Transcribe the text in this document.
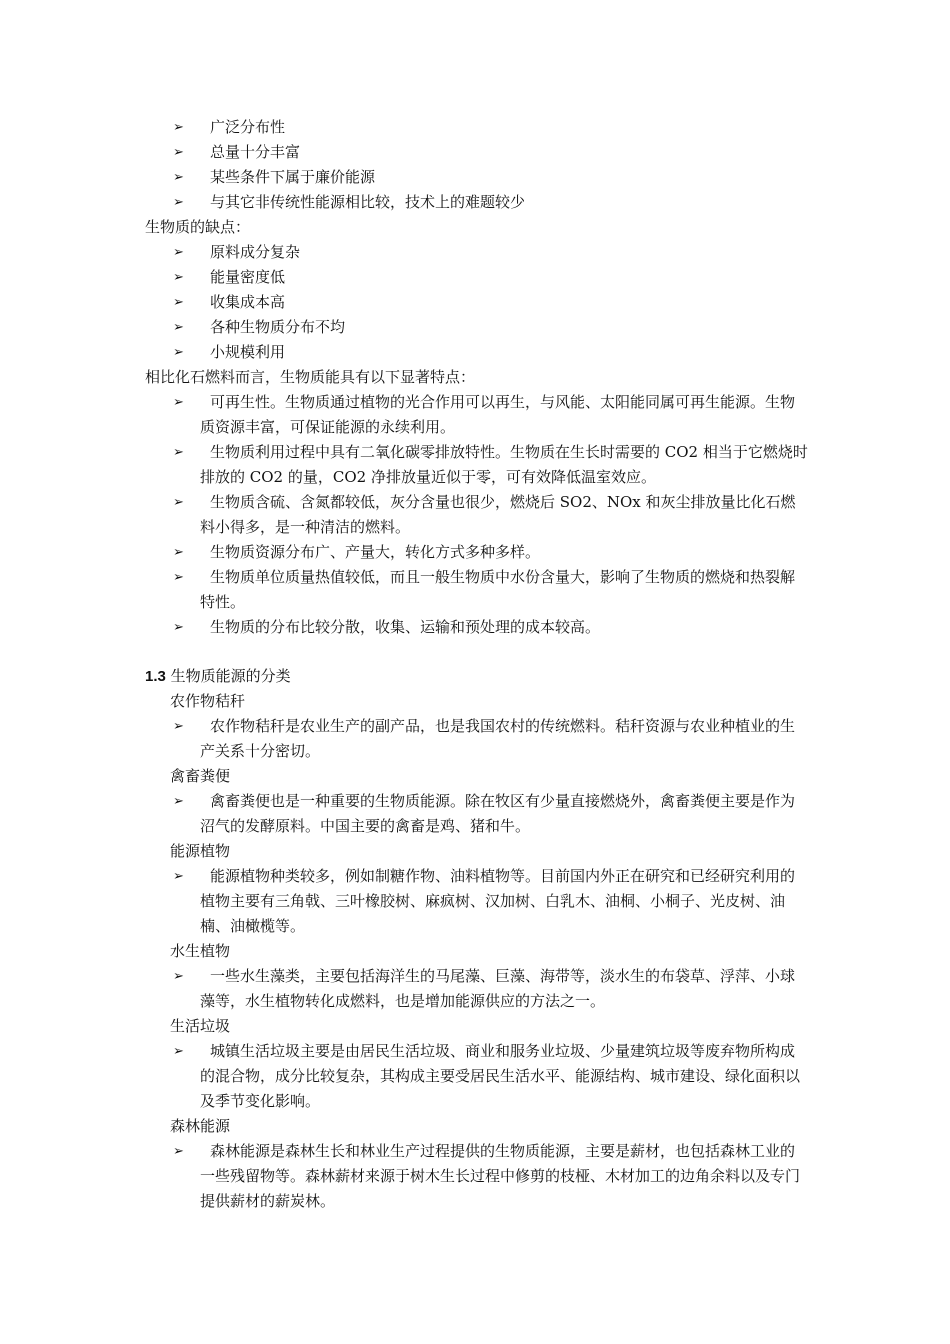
➢ 广泛分布性
➢ 总量十分丰富
➢ 某些条件下属于廉价能源
➢ 与其它非传统性能源相比较，技术上的难题较少
生物质的缺点：
➢ 原料成分复杂
➢ 能量密度低
➢ 收集成本高
➢ 各种生物质分布不均
➢ 小规模利用
相比化石燃料而言，生物质能具有以下显著特点：
➢	可再生性。生物质通过植物的光合作用可以再生，与风能、太阳能同属可再生能源。生物质资源丰富，可保证能源的永续利用。
➢	生物质利用过程中具有二氧化碳零排放特性。生物质在生长时需要的 CO2 相当于它燃烧时排放的 CO2 的量，CO2 净排放量近似于零，可有效降低温室效应。
➢	生物质含硫、含氮都较低，灰分含量也很少，燃烧后 SO2、NOx 和灰尘排放量比化石燃料小得多，是一种清洁的燃料。
➢	生物质资源分布广、产量大，转化方式多种多样。
➢	生物质单位质量热值较低，而且一般生物质中水份含量大，影响了生物质的燃烧和热裂解特性。
➢	生物质的分布比较分散，收集、运输和预处理的成本较高。
1.3 生物质能源的分类
农作物秸秆
➢	农作物秸秆是农业生产的副产品，也是我国农村的传统燃料。秸秆资源与农业种植业的生产关系十分密切。
禽畜粪便
➢	禽畜粪便也是一种重要的生物质能源。除在牧区有少量直接燃烧外，禽畜粪便主要是作为沼气的发酵原料。中国主要的禽畜是鸡、猪和牛。
能源植物
➢	能源植物种类较多，例如制糖作物、油料植物等。目前国内外正在研究和已经研究利用的植物主要有三角戟、三叶橡胶树、麻疯树、汉加树、白乳木、油桐、小桐子、光皮树、油楠、油橄榄等。
水生植物
➢	一些水生藻类，主要包括海洋生的马尾藻、巨藻、海带等，淡水生的布袋草、浮萍、小球藻等，水生植物转化成燃料，也是增加能源供应的方法之一。
生活垃圾
➢	城镇生活垃圾主要是由居民生活垃圾、商业和服务业垃圾、少量建筑垃圾等废弃物所构成的混合物，成分比较复杂，其构成主要受居民生活水平、能源结构、城市建设、绿化面积以及季节变化影响。
森林能源
➢	森林能源是森林生长和林业生产过程提供的生物质能源，主要是薪材，也包括森林工业的一些残留物等。森林薪材来源于树木生长过程中修剪的枝桠、木材加工的边角余料以及专门提供薪材的薪炭林。
